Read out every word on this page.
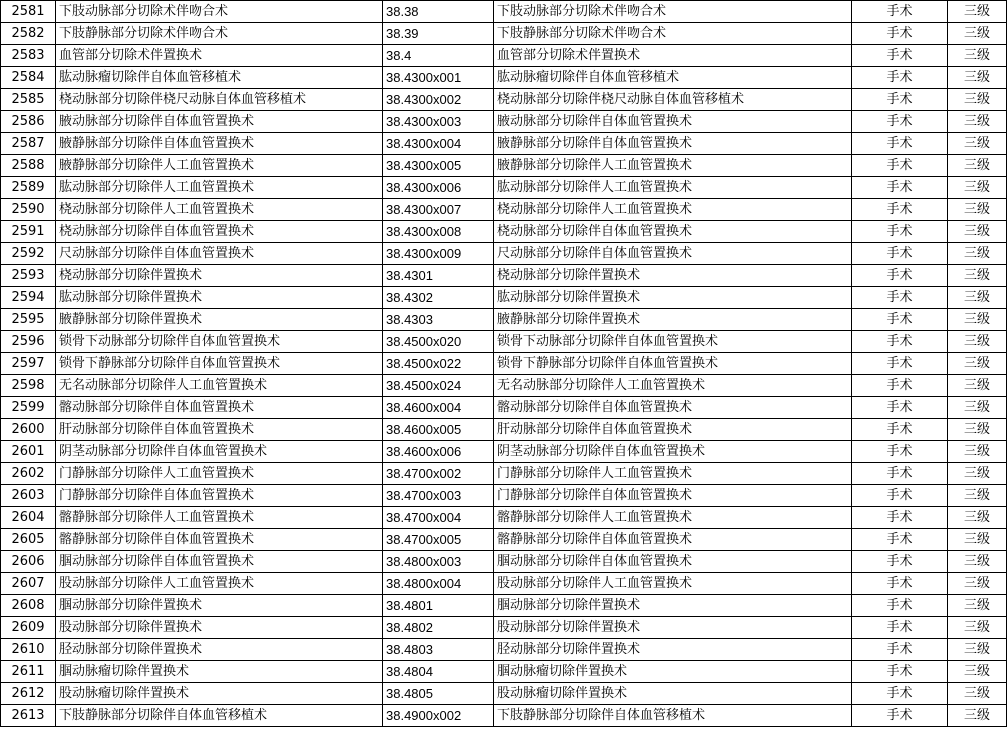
2581	下肢动脉部分切除术伴吻合术	38.38	下肢动脉部分切除术伴吻合术	手术	三级
2582	下肢静脉部分切除术伴吻合术	38.39	下肢静脉部分切除术伴吻合术	手术	三级
2583	血管部分切除术伴置换术	38.4	血管部分切除术伴置换术	手术	三级
2584	肱动脉瘤切除伴自体血管移植术	38.4300x001	肱动脉瘤切除伴自体血管移植术	手术	三级
2585	桡动脉部分切除伴桡尺动脉自体血管移植术	38.4300x002	桡动脉部分切除伴桡尺动脉自体血管移植术	手术	三级
2586	腋动脉部分切除伴自体血管置换术	38.4300x003	腋动脉部分切除伴自体血管置换术	手术	三级
2587	腋静脉部分切除伴自体血管置换术	38.4300x004	腋静脉部分切除伴自体血管置换术	手术	三级
2588	腋静脉部分切除伴人工血管置换术	38.4300x005	腋静脉部分切除伴人工血管置换术	手术	三级
2589	肱动脉部分切除伴人工血管置换术	38.4300x006	肱动脉部分切除伴人工血管置换术	手术	三级
2590	桡动脉部分切除伴人工血管置换术	38.4300x007	桡动脉部分切除伴人工血管置换术	手术	三级
2591	桡动脉部分切除伴自体血管置换术	38.4300x008	桡动脉部分切除伴自体血管置换术	手术	三级
2592	尺动脉部分切除伴自体血管置换术	38.4300x009	尺动脉部分切除伴自体血管置换术	手术	三级
2593	桡动脉部分切除伴置换术	38.4301	桡动脉部分切除伴置换术	手术	三级
2594	肱动脉部分切除伴置换术	38.4302	肱动脉部分切除伴置换术	手术	三级
2595	腋静脉部分切除伴置换术	38.4303	腋静脉部分切除伴置换术	手术	三级
2596	锁骨下动脉部分切除伴自体血管置换术	38.4500x020	锁骨下动脉部分切除伴自体血管置换术	手术	三级
2597	锁骨下静脉部分切除伴自体血管置换术	38.4500x022	锁骨下静脉部分切除伴自体血管置换术	手术	三级
2598	无名动脉部分切除伴人工血管置换术	38.4500x024	无名动脉部分切除伴人工血管置换术	手术	三级
2599	髂动脉部分切除伴自体血管置换术	38.4600x004	髂动脉部分切除伴自体血管置换术	手术	三级
2600	肝动脉部分切除伴自体血管置换术	38.4600x005	肝动脉部分切除伴自体血管置换术	手术	三级
2601	阴茎动脉部分切除伴自体血管置换术	38.4600x006	阴茎动脉部分切除伴自体血管置换术	手术	三级
2602	门静脉部分切除伴人工血管置换术	38.4700x002	门静脉部分切除伴人工血管置换术	手术	三级
2603	门静脉部分切除伴自体血管置换术	38.4700x003	门静脉部分切除伴自体血管置换术	手术	三级
2604	髂静脉部分切除伴人工血管置换术	38.4700x004	髂静脉部分切除伴人工血管置换术	手术	三级
2605	髂静脉部分切除伴自体血管置换术	38.4700x005	髂静脉部分切除伴自体血管置换术	手术	三级
2606	腘动脉部分切除伴自体血管置换术	38.4800x003	腘动脉部分切除伴自体血管置换术	手术	三级
2607	股动脉部分切除伴人工血管置换术	38.4800x004	股动脉部分切除伴人工血管置换术	手术	三级
2608	腘动脉部分切除伴置换术	38.4801	腘动脉部分切除伴置换术	手术	三级
2609	股动脉部分切除伴置换术	38.4802	股动脉部分切除伴置换术	手术	三级
2610	胫动脉部分切除伴置换术	38.4803	胫动脉部分切除伴置换术	手术	三级
2611	腘动脉瘤切除伴置换术	38.4804	腘动脉瘤切除伴置换术	手术	三级
2612	股动脉瘤切除伴置换术	38.4805	股动脉瘤切除伴置换术	手术	三级
2613	下肢静脉部分切除伴自体血管移植术	38.4900x002	下肢静脉部分切除伴自体血管移植术	手术	三级
